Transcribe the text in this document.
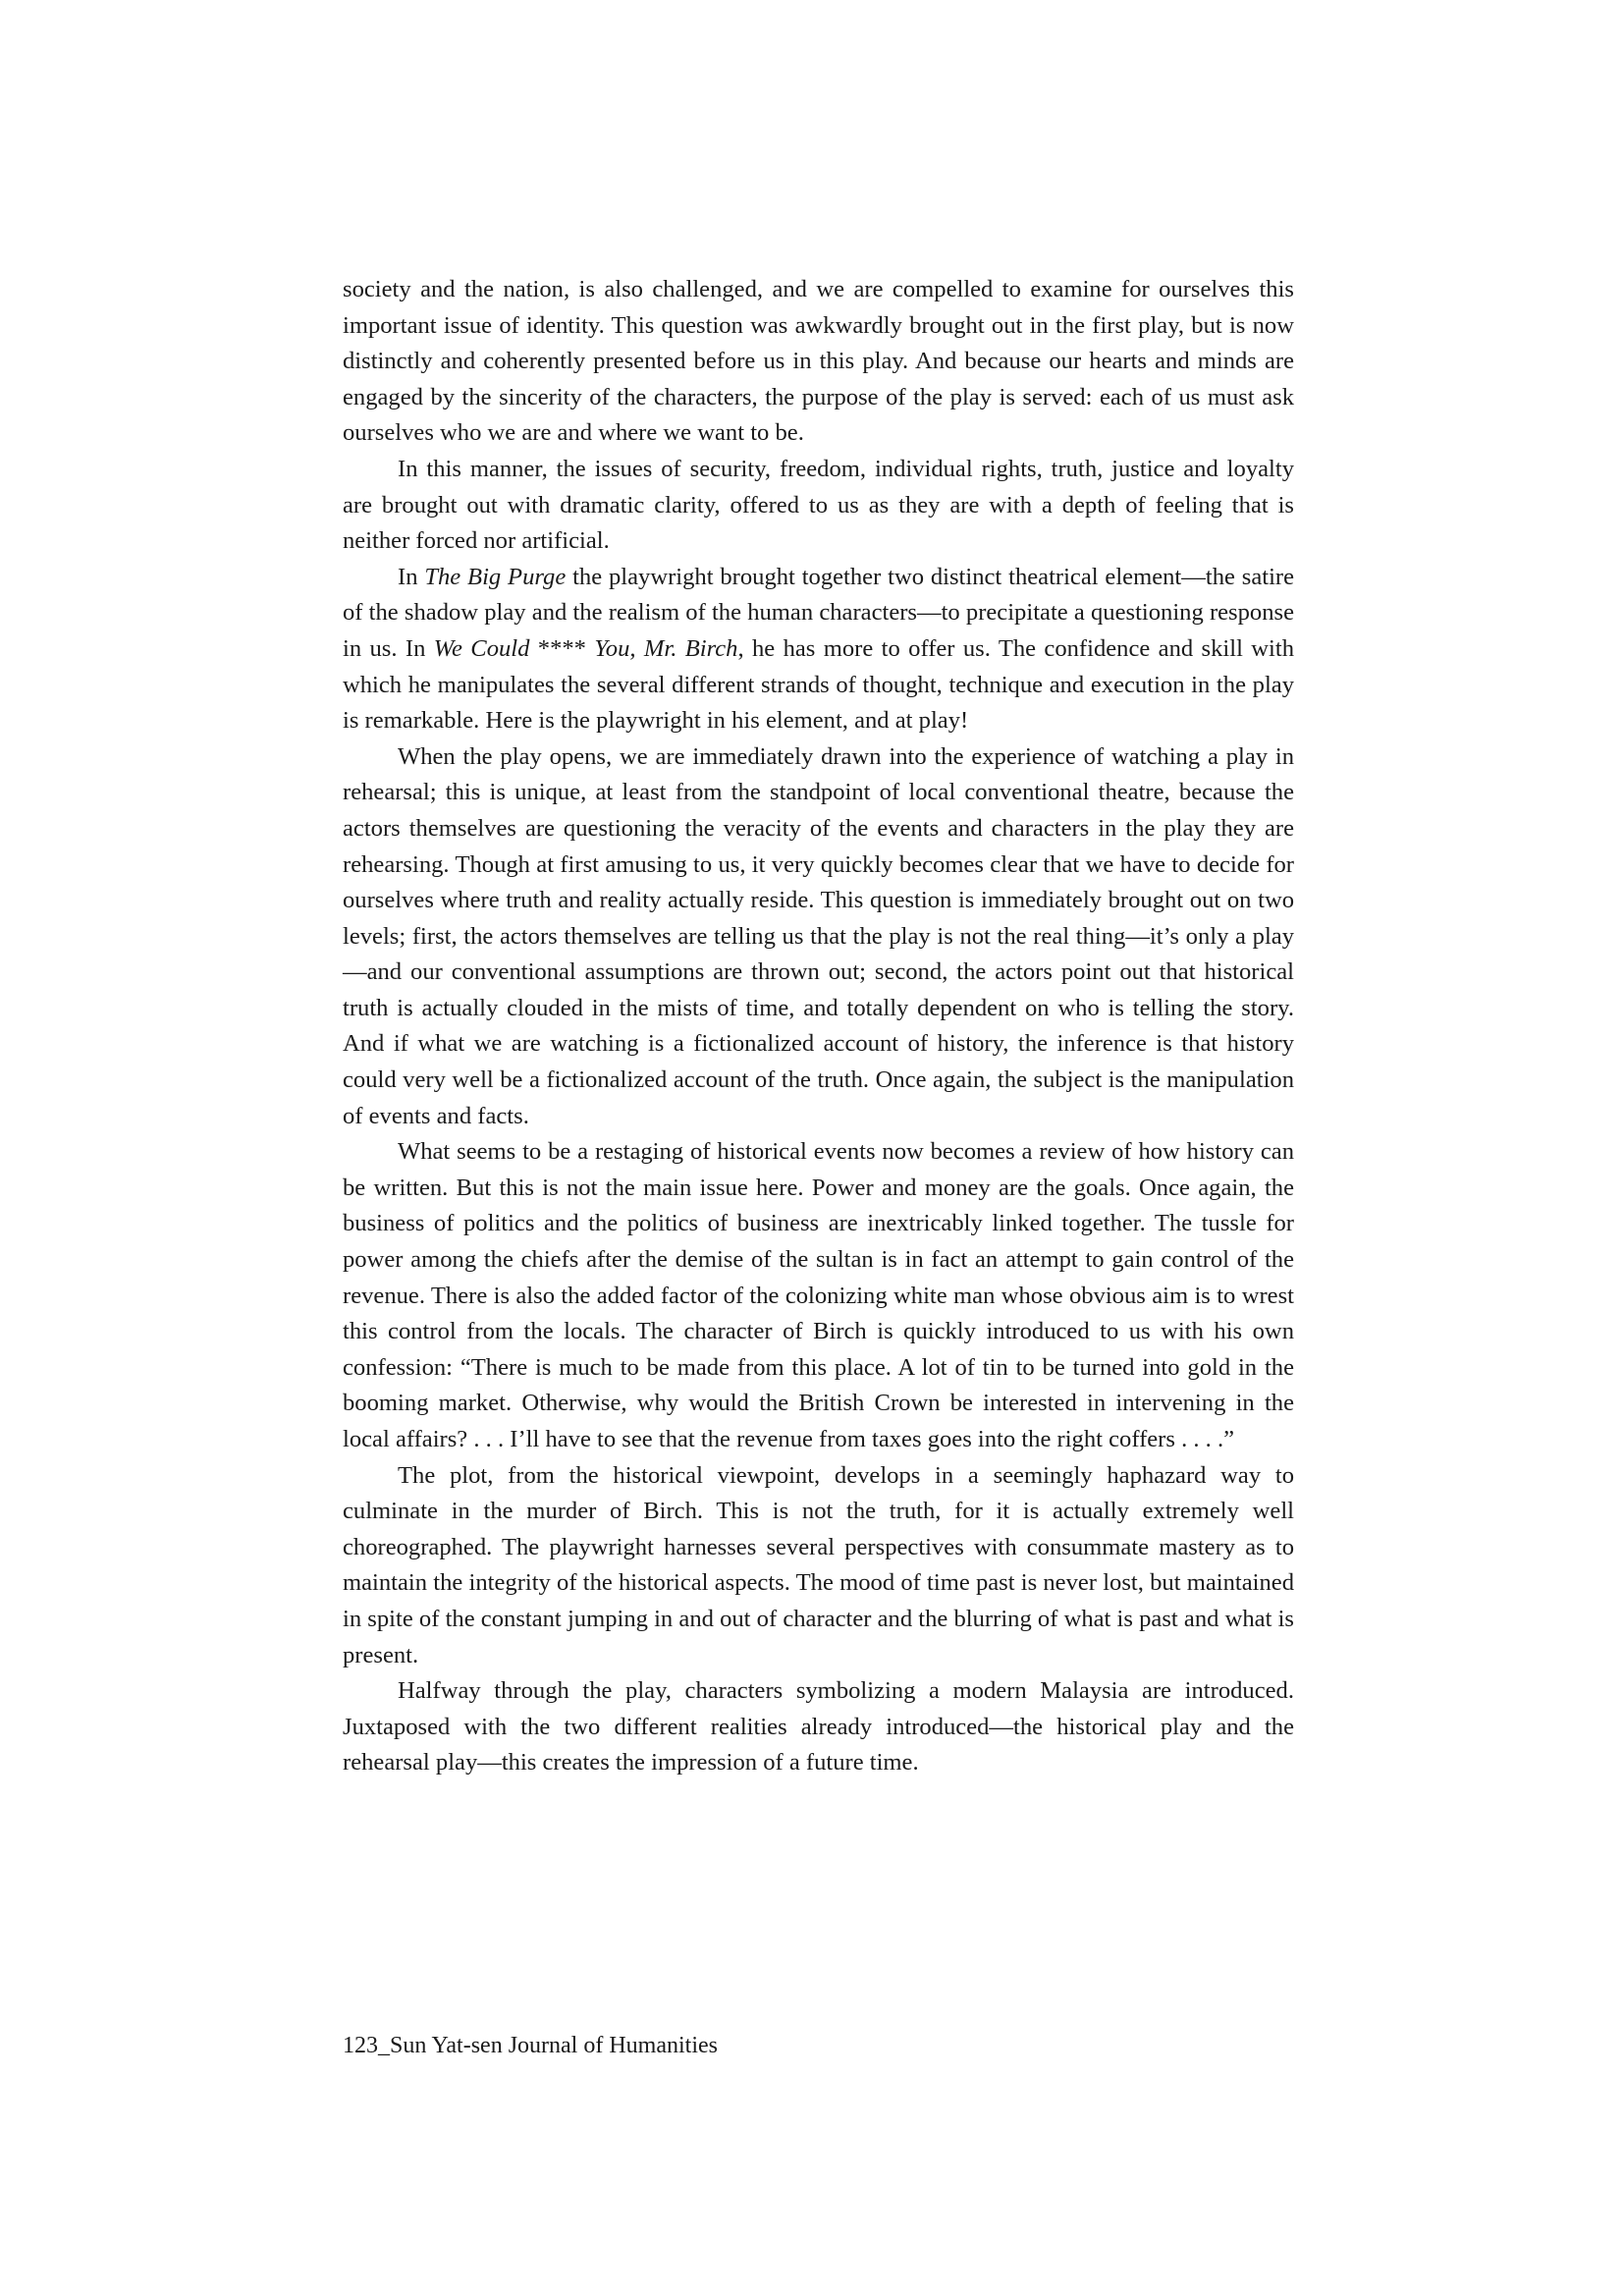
society and the nation, is also challenged, and we are compelled to examine for ourselves this important issue of identity. This question was awkwardly brought out in the first play, but is now distinctly and coherently presented before us in this play. And because our hearts and minds are engaged by the sincerity of the characters, the purpose of the play is served: each of us must ask ourselves who we are and where we want to be.

In this manner, the issues of security, freedom, individual rights, truth, justice and loyalty are brought out with dramatic clarity, offered to us as they are with a depth of feeling that is neither forced nor artificial.

In The Big Purge the playwright brought together two distinct theatrical element—the satire of the shadow play and the realism of the human characters—to precipitate a questioning response in us. In We Could **** You, Mr. Birch, he has more to offer us. The confidence and skill with which he manipulates the several different strands of thought, technique and execution in the play is remarkable. Here is the playwright in his element, and at play!

When the play opens, we are immediately drawn into the experience of watching a play in rehearsal; this is unique, at least from the standpoint of local conventional theatre, because the actors themselves are questioning the veracity of the events and characters in the play they are rehearsing. Though at first amusing to us, it very quickly becomes clear that we have to decide for ourselves where truth and reality actually reside. This question is immediately brought out on two levels; first, the actors themselves are telling us that the play is not the real thing—it’s only a play—and our conventional assumptions are thrown out; second, the actors point out that historical truth is actually clouded in the mists of time, and totally dependent on who is telling the story. And if what we are watching is a fictionalized account of history, the inference is that history could very well be a fictionalized account of the truth. Once again, the subject is the manipulation of events and facts.

What seems to be a restaging of historical events now becomes a review of how history can be written. But this is not the main issue here. Power and money are the goals. Once again, the business of politics and the politics of business are inextricably linked together. The tussle for power among the chiefs after the demise of the sultan is in fact an attempt to gain control of the revenue. There is also the added factor of the colonizing white man whose obvious aim is to wrest this control from the locals. The character of Birch is quickly introduced to us with his own confession: “There is much to be made from this place. A lot of tin to be turned into gold in the booming market. Otherwise, why would the British Crown be interested in intervening in the local affairs? . . . I’ll have to see that the revenue from taxes goes into the right coffers . . . .”

The plot, from the historical viewpoint, develops in a seemingly haphazard way to culminate in the murder of Birch. This is not the truth, for it is actually extremely well choreographed. The playwright harnesses several perspectives with consummate mastery as to maintain the integrity of the historical aspects. The mood of time past is never lost, but maintained in spite of the constant jumping in and out of character and the blurring of what is past and what is present.

Halfway through the play, characters symbolizing a modern Malaysia are introduced. Juxtaposed with the two different realities already introduced—the historical play and the rehearsal play—this creates the impression of a future time.

123_Sun Yat-sen Journal of Humanities
